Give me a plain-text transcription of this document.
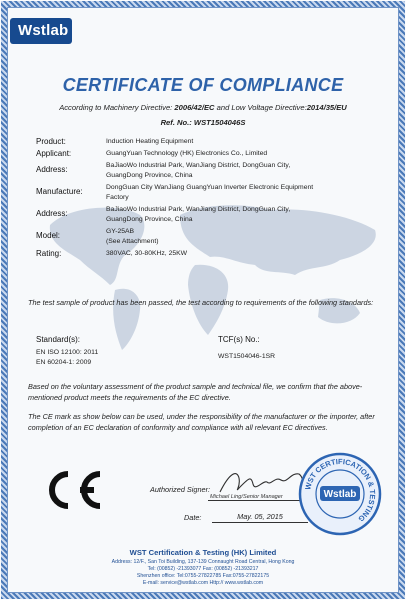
Wstlab
CERTIFICATE OF COMPLIANCE
According to Machinery Directive: 2006/42/EC and Low Voltage Directive:2014/35/EU
Ref. No.: WST1504046S
Product:	Induction Heating Equipment
Applicant:	GuangYuan Technology (HK) Electronics Co., Limited
Address:	BaJiaoWo Industrial Park, WanJiang District, DongGuan City,
GuangDong Province, China
Manufacture:	DongGuan City WanJiang GuangYuan Inverter Electronic Equipment
Factory
Address:	BaJiaoWo Industrial Park, WanJiang District, DongGuan City,
GuangDong Province, China
Model:	GY-25AB
(See Attachment)
Rating:	380VAC, 30-80KHz, 25KW
The test sample of product has been passed, the test according to requirements of the following standards:
Standard(s):
EN ISO 12100: 2011
EN 60204-1: 2009
TCF(s) No.:
WST1504046-1SR
Based on the voluntary assessment of the product sample and technical file, we confirm that the above-mentioned product meets the requirements of the EC directive.
The CE mark as show below can be used, under the responsibility of the manufacturer or the importer, after completion of an EC declaration of conformity and compliance with all relevant EC directives.
Authorized Signer:
Michael Ling/Senior Manager
Date:	May. 05, 2015
WST CERTIFICATION & TESTING
Wstlab
WST Certification & Testing (HK) Limited
Address: 12/F., San Toi Building, 137-139 Connaught Road Central, Hong Kong
Tel: (00852) -21393077 Fax: (00852) -21393217
Shenzhen office: Tel:0755-27822785 Fax:0755-27822175
E-mail: service@wstlab.com Http:// www.wstlab.com
